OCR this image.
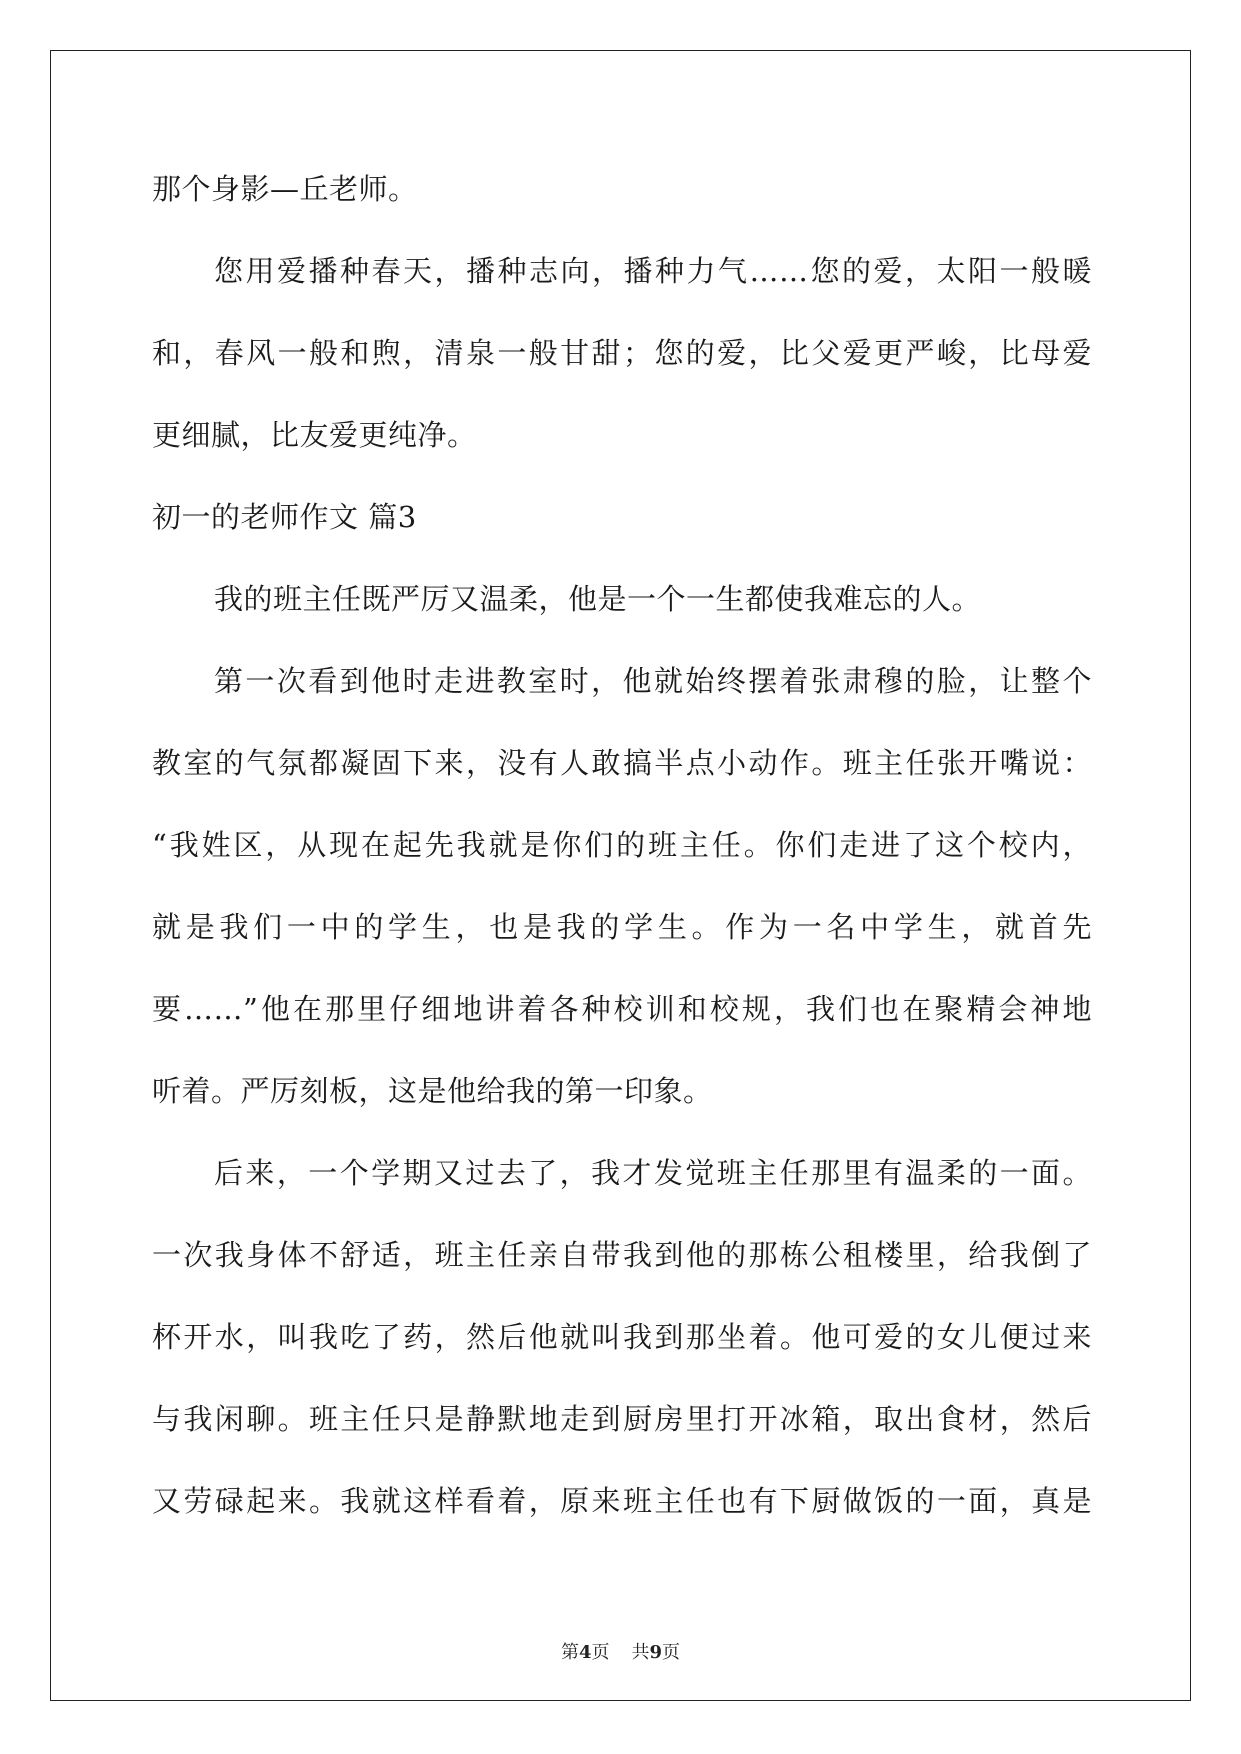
那个身影—丘老师。
您用爱播种春天，播种志向，播种力气……您的爱，太阳一般暖
和，春风一般和煦，清泉一般甘甜；您的爱，比父爱更严峻，比母爱
更细腻，比友爱更纯净。
初一的老师作文 篇3
我的班主任既严厉又温柔，他是一个一生都使我难忘的人。
第一次看到他时走进教室时，他就始终摆着张肃穆的脸，让整个
教室的气氛都凝固下来，没有人敢搞半点小动作。班主任张开嘴说：
“我姓区，从现在起先我就是你们的班主任。你们走进了这个校内，
就是我们一中的学生，也是我的学生。作为一名中学生，就首先
要……”他在那里仔细地讲着各种校训和校规，我们也在聚精会神地
听着。严厉刻板，这是他给我的第一印象。
后来，一个学期又过去了，我才发觉班主任那里有温柔的一面。
一次我身体不舒适，班主任亲自带我到他的那栋公租楼里，给我倒了
杯开水，叫我吃了药，然后他就叫我到那坐着。他可爱的女儿便过来
与我闲聊。班主任只是静默地走到厨房里打开冰箱，取出食材，然后
又劳碌起来。我就这样看着，原来班主任也有下厨做饭的一面，真是
第4页 共9页
